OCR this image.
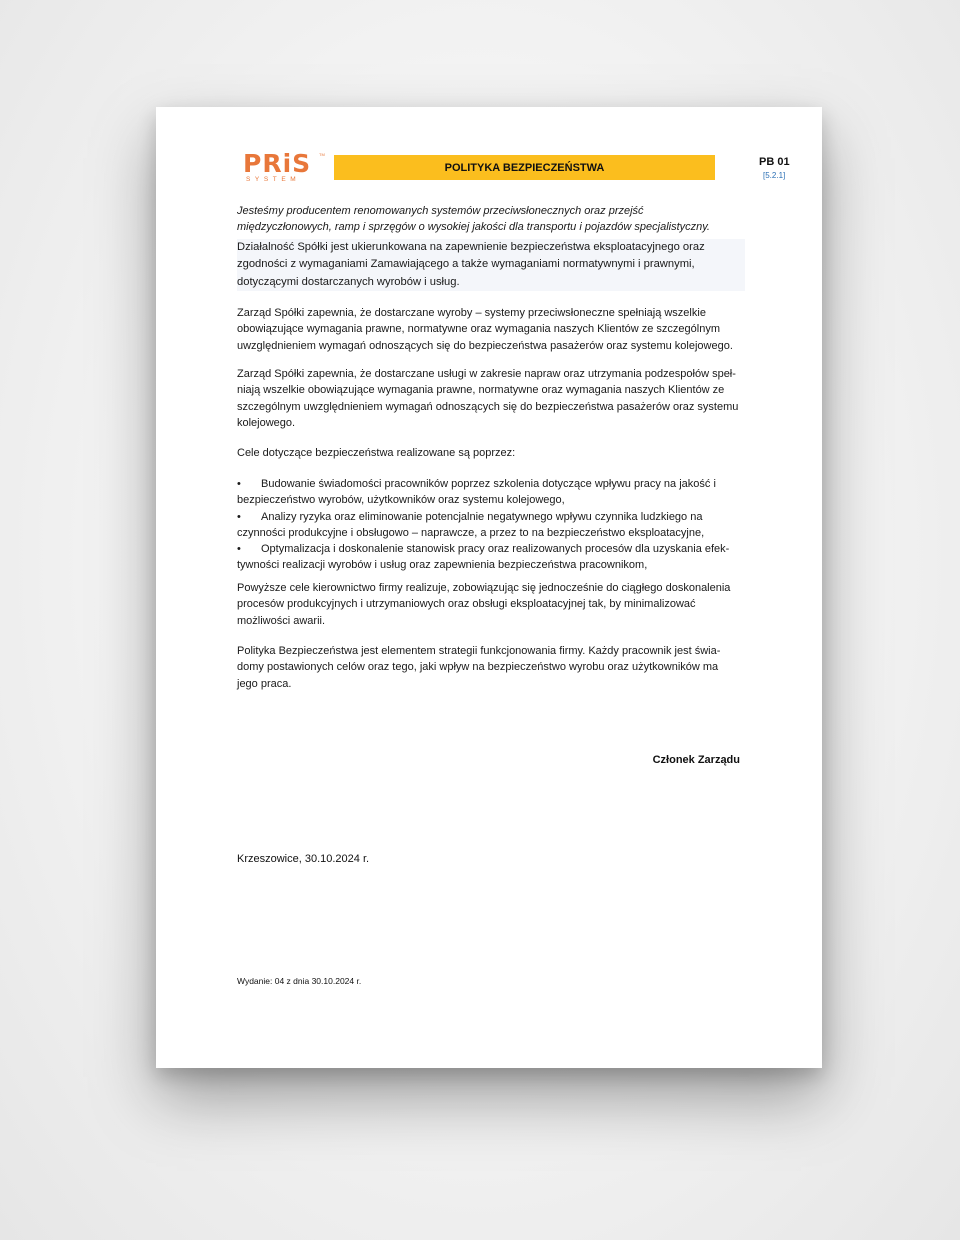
PRiS	TM
SYSTEM
POLITYKA BEZPIECZEŃSTWA	PB 01
[5.2.1]

Jesteśmy producentem renomowanych systemów przeciwsłonecznych oraz przejść międzyczłonowych, ramp i sprzęgów o wysokiej jakości dla transportu i pojazdów specjalistyczny.

Działalność Spółki jest ukierunkowana na zapewnienie bezpieczeństwa eksploatacyjnego oraz zgodności z wymaganiami Zamawiającego a także wymaganiami normatywnymi i prawnymi, dotyczącymi dostarczanych wyrobów i usług.

Zarząd Spółki zapewnia, że dostarczane wyroby – systemy przeciwsłoneczne spełniają wszelkie obowiązujące wymagania prawne, normatywne oraz wymagania naszych Klientów ze szczególnym uwzględnieniem wymagań odnoszących się do bezpieczeństwa pasażerów oraz systemu kolejowego.

Zarząd Spółki zapewnia, że dostarczane usługi w zakresie napraw oraz utrzymania podzespołów speł-niają wszelkie obowiązujące wymagania prawne, normatywne oraz wymagania naszych Klientów ze szczególnym uwzględnieniem wymagań odnoszących się do bezpieczeństwa pasażerów oraz systemu kolejowego.

Cele dotyczące bezpieczeństwa realizowane są poprzez:

• Budowanie świadomości pracowników poprzez szkolenia dotyczące wpływu pracy na jakość i bezpieczeństwo wyrobów, użytkowników oraz systemu kolejowego,

• Analizy ryzyka oraz eliminowanie potencjalnie negatywnego wpływu czynnika ludzkiego na czynności produkcyjne i obsługowo – naprawcze, a przez to na bezpieczeństwo eksploatacyjne,

• Optymalizacja i doskonalenie stanowisk pracy oraz realizowanych procesów dla uzyskania efek-tywności realizacji wyrobów i usług oraz zapewnienia bezpieczeństwa pracownikom,

Powyższe cele kierownictwo firmy realizuje, zobowiązując się jednocześnie do ciągłego doskonalenia procesów produkcyjnych i utrzymaniowych oraz obsługi eksploatacyjnej tak, by minimalizować możliwości awarii.

Polityka Bezpieczeństwa jest elementem strategii funkcjonowania firmy. Każdy pracownik jest świa-domy postawionych celów oraz tego, jaki wpływ na bezpieczeństwo wyrobu oraz użytkowników ma jego praca.

Członek Zarządu
Krzeszowice, 30.10.2024 r.
Wydanie: 04 z dnia 30.10.2024 r.
